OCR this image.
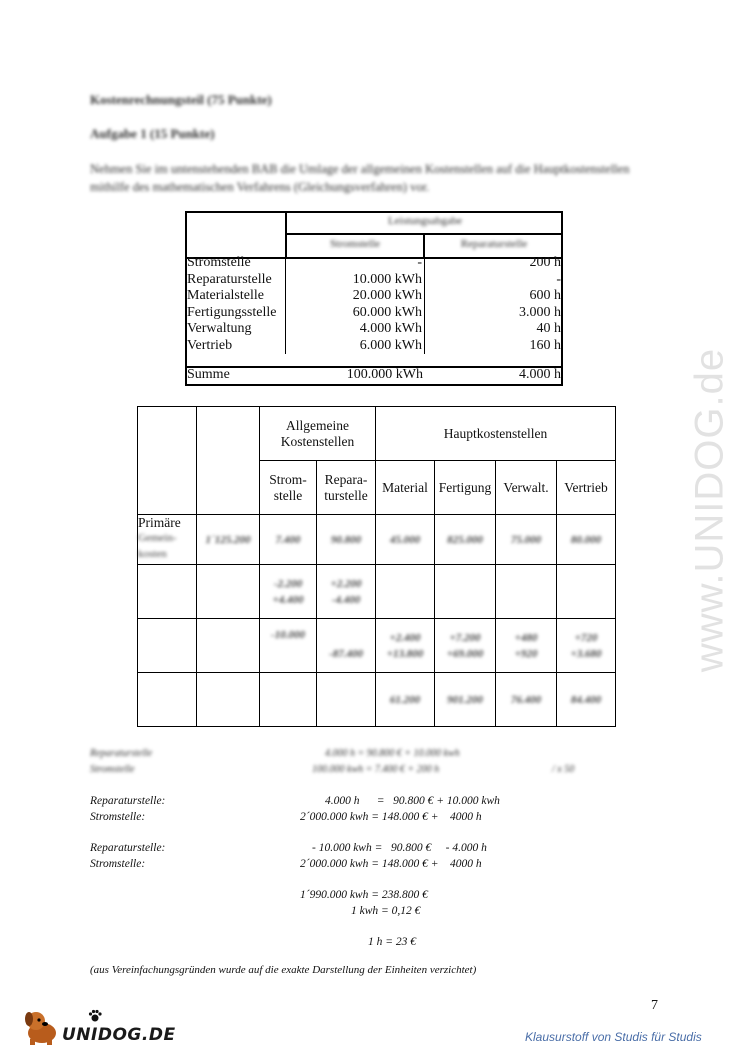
Kostenrechnungsteil (75 Punkte)
Aufgabe 1 (15 Punkte)
Nehmen Sie im untenstehenden BAB die Umlage der allgemeinen Kostenstellen auf die Hauptkostenstellen mithilfe des mathematischen Verfahrens (Gleichungsverfahren) vor.
Leistungsabgabe
Stromstelle	Reparaturstelle
Stromstelle	-	200 h
Reparaturstelle	10.000 kWh	-
Materialstelle	20.000 kWh	600 h
Fertigungsstelle	60.000 kWh	3.000 h
Verwaltung	4.000 kWh	40 h
Vertrieb	6.000 kWh	160 h
Summe	100.000 kWh	4.000 h
		Allgemeine Kostenstellen		Hauptkostenstellen			
		Strom-stelle	Repara-turstelle	Material	Fertigung	Verwalt.	Vertrieb

Primäre
Gemein-kosten	1´125.200	7.400	90.800	45.000	825.000	75.000	80.000
		-2.200 +4.400	+2.200 -4.400				
		-10.000	-87.400	+2.400 +13.800	+7.200 +69.000	+480 +920	+720 +3.680
				61.200	901.200	76.400	84.400
Reparaturstelle	4.000 h = 90.800 € + 10.000 kwh
Stromstelle	100.000 kwh = 7.400 € + 200 h	/ x 50
Reparaturstelle:	4.000 h      =   90.800 € + 10.000 kwh
Stromstelle:	2´000.000 kwh = 148.000 € +    4000 h
Reparaturstelle:	- 10.000 kwh =   90.800 €     - 4.000 h
Stromstelle:	2´000.000 kwh = 148.000 € +    4000 h
1´990.000 kwh = 238.800 €
1 kwh = 0,12 €
1 h = 23 €
(aus Vereinfachungsgründen wurde auf die exakte Darstellung der Einheiten verzichtet)
7
www.UNIDOG.de
UNIDOG.DE	Klausurstoff von Studis für Studis
